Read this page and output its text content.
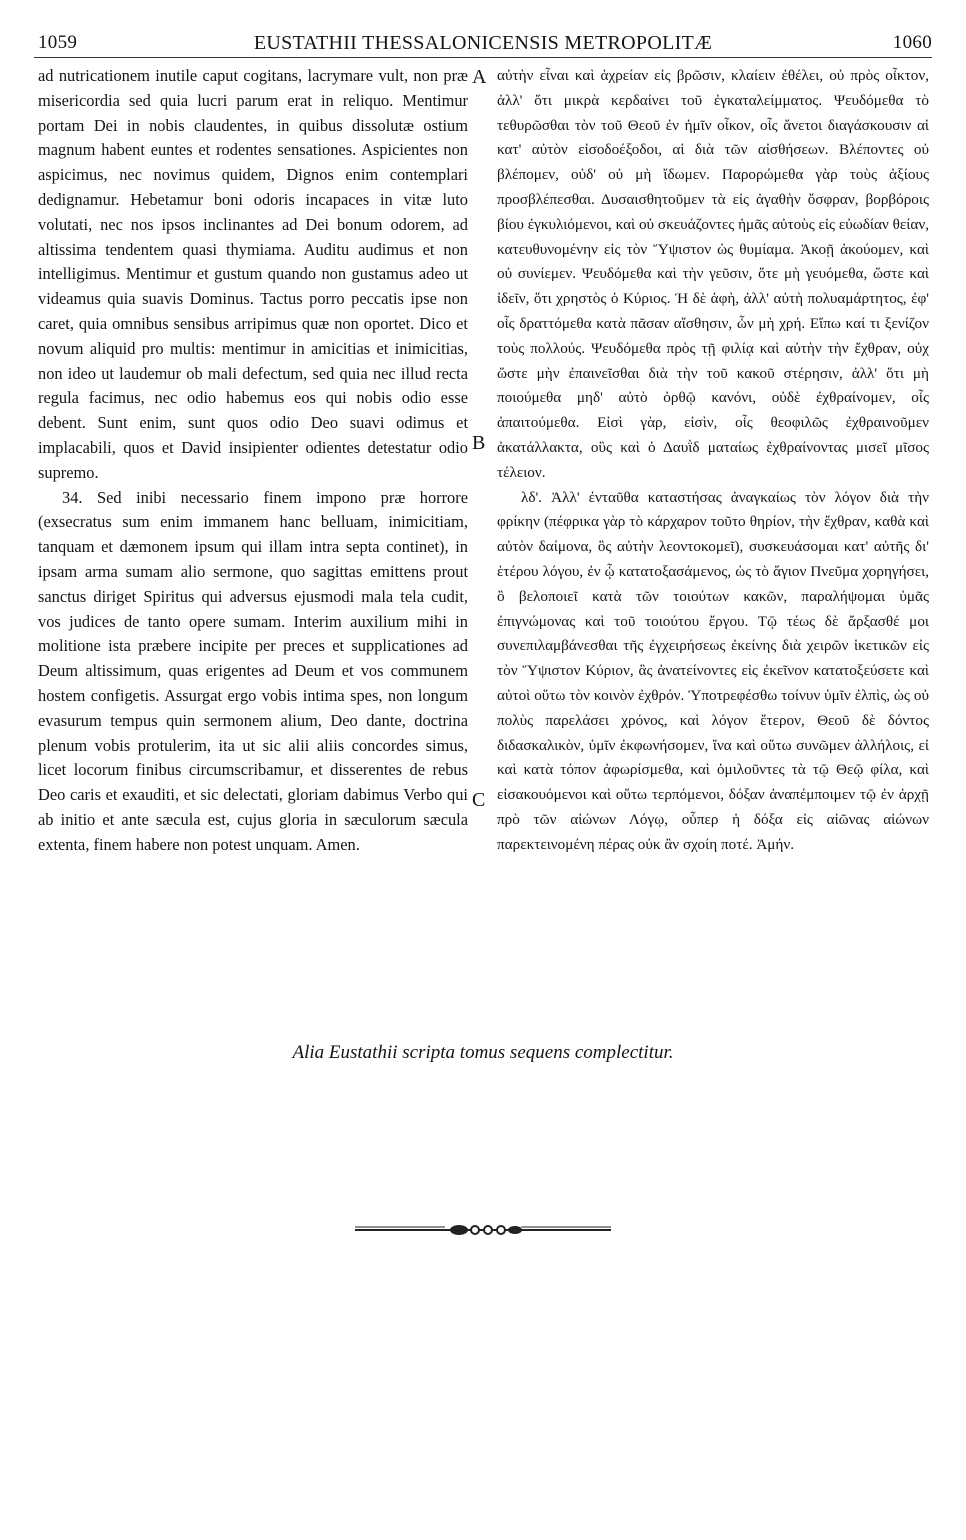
1059	EUSTATHII THESSALONICENSIS METROPOLITÆ	1060

ad nutricationem inutile caput cogitans, lacrymare vult, non præ misericordia sed quia lucri parum erat in reliquo. Mentimur portam Dei in nobis claudentes, in quibus dissolutæ ostium magnum habent euntes et rodentes sensationes. Aspicientes non aspicimus, nec novimus quidem, Dignos enim contemplari dedignamur. Hebetamur boni odoris incapaces in vitæ luto volutati, nec nos ipsos inclinantes ad Dei bonum odorem, ad altissima tendentem quasi thymiama. Auditu audimus et non intelligimus. Mentimur et gustum quando non gustamus adeo ut videamus quia suavis Dominus. Tactus porro peccatis ipse non caret, quia omnibus sensibus arripimus quæ non oportet. Dico et novum aliquid pro multis: mentimur in amicitias et inimicitias, non ideo ut laudemur ob mali defectum, sed quia nec illud recta regula facimus, nec odio habemus eos qui nobis odio esse debent. Sunt enim, sunt quos odio Deo suavi odimus et implacabili, quos et David insipienter odientes detestatur odio supremo.

34. Sed inibi necessario finem impono præ horrore (exsecratus sum enim immanem hanc belluam, inimicitiam, tanquam et dæmonem ipsum qui illam intra septa continet), in ipsam arma sumam alio sermone, quo sagittas emittens prout sanctus diriget Spiritus qui adversus ejusmodi mala tela cudit, vos judices de tanto opere sumam. Interim auxilium mihi in molitione ista præbere incipite per preces et supplicationes ad Deum altissimum, quas erigentes ad Deum et vos communem hostem configetis. Assurgat ergo vobis intima spes, non longum evasurum tempus quin sermonem alium, Deo dante, doctrina plenum vobis protulerim, ita ut sic alii aliis concordes simus, licet locorum finibus circumscribamur, et disserentes de rebus Deo caris et exauditi, et sic delectati, gloriam dabimus Verbo qui ab initio et ante sæcula est, cujus gloria in sæculorum sæcula extenta, finem habere non potest unquam. Amen.

A
B
C

αὐτὴν εἶναι καὶ ἀχρείαν εἰς βρῶσιν, κλαίειν ἐθέλει, οὐ πρὸς οἶκτον, ἀλλ' ὅτι μικρὰ κερδαίνει τοῦ ἐγκαταλείμματος. Ψευδόμεθα τὸ τεθυρῶσθαι τὸν τοῦ Θεοῦ ἐν ἡμῖν οἶκον, οἷς ἄνετοι διαγάσκουσιν αἱ κατ' αὐτὸν εἰσοδοέξοδοι, αἱ διὰ τῶν αἰσθήσεων. Βλέποντες οὐ βλέπομεν, οὐδ' οὐ μὴ ἴδωμεν. Παρορώμεθα γὰρ τοὺς ἀξίους προσβλέπεσθαι. Δυσαισθητοῦμεν τὰ εἰς ἀγαθὴν ὄσφραν, βορβόροις βίου ἐγκυλιόμενοι, καὶ οὐ σκευάζοντες ἡμᾶς αὐτοὺς εἰς εὐωδίαν θείαν, κατευθυνομένην εἰς τὸν Ὕψιστον ὡς θυμίαμα. Ἀκοῇ ἀκούομεν, καὶ οὐ συνίεμεν. Ψευδόμεθα καὶ τὴν γεῦσιν, ὅτε μὴ γευόμεθα, ὥστε καὶ ἰδεῖν, ὅτι χρηστὸς ὁ Κύριος. Ἡ δὲ ἁφὴ, ἀλλ' αὐτὴ πολυαμάρτητος, ἐφ' οἷς δραττόμεθα κατὰ πᾶσαν αἴσθησιν, ὧν μὴ χρή. Εἴπω καί τι ξενίζον τοὺς πολλούς. Ψευδόμεθα πρὸς τῇ φιλίᾳ καὶ αὐτὴν τὴν ἔχθραν, οὐχ ὥστε μὴν ἐπαινεῖσθαι διὰ τὴν τοῦ κακοῦ στέρησιν, ἀλλ' ὅτι μὴ ποιούμεθα μηδ' αὐτὸ ὀρθῷ κανόνι, οὐδὲ ἐχθραίνομεν, οἷς ἀπαιτούμεθα. Εἰσὶ γὰρ, εἰσὶν, οἷς θεοφιλῶς ἐχθραινοῦμεν ἀκατάλλακτα, οὓς καὶ ὁ Δαυῒδ ματαίως ἐχθραίνοντας μισεῖ μῖσος τέλειον.

λδ'. Ἀλλ' ἐνταῦθα καταστήσας ἀναγκαίως τὸν λόγον διὰ τὴν φρίκην (πέφρικα γὰρ τὸ κάρχαρον τοῦτο θηρίον, τὴν ἔχθραν, καθὰ καὶ αὐτὸν δαίμονα, ὃς αὐτὴν λεοντοκομεῖ), συσκευάσομαι κατ' αὐτῆς δι' ἑτέρου λόγου, ἐν ᾧ κατατοξασάμενος, ὡς τὸ ἅγιον Πνεῦμα χορηγήσει, ὃ βελοποιεῖ κατὰ τῶν τοιούτων κακῶν, παραλήψομαι ὑμᾶς ἐπιγνώμονας καὶ τοῦ τοιούτου ἔργου. Τῷ τέως δὲ ἄρξασθέ μοι συνεπιλαμβάνεσθαι τῆς ἐγχειρήσεως ἐκείνης διὰ χειρῶν ἱκετικῶν εἰς τὸν Ὕψιστον Κύριον, ἃς ἀνατείνοντες εἰς ἐκεῖνον κατατοξεύσετε καὶ αὐτοὶ οὕτω τὸν κοινὸν ἐχθρόν. Ὑποτρεφέσθω τοίνυν ὑμῖν ἐλπὶς, ὡς οὐ πολὺς παρελάσει χρόνος, καὶ λόγον ἕτερον, Θεοῦ δὲ δόντος διδασκαλικὸν, ὑμῖν ἐκφωνήσομεν, ἵνα καὶ οὕτω συνῶμεν ἀλλήλοις, εἰ καὶ κατὰ τόπον ἀφωρίσμεθα, καὶ ὁμιλοῦντες τὰ τῷ Θεῷ φίλα, καὶ εἰσακουόμενοι καὶ οὕτω τερπόμενοι, δόξαν ἀναπέμποιμεν τῷ ἐν ἀρχῇ πρὸ τῶν αἰώνων Λόγῳ, οὗπερ ἡ δόξα εἰς αἰῶνας αἰώνων παρεκτεινομένη πέρας οὐκ ἂν σχοίη ποτέ. Ἀμήν.

Alia Eustathii scripta tomus sequens complectitur.
